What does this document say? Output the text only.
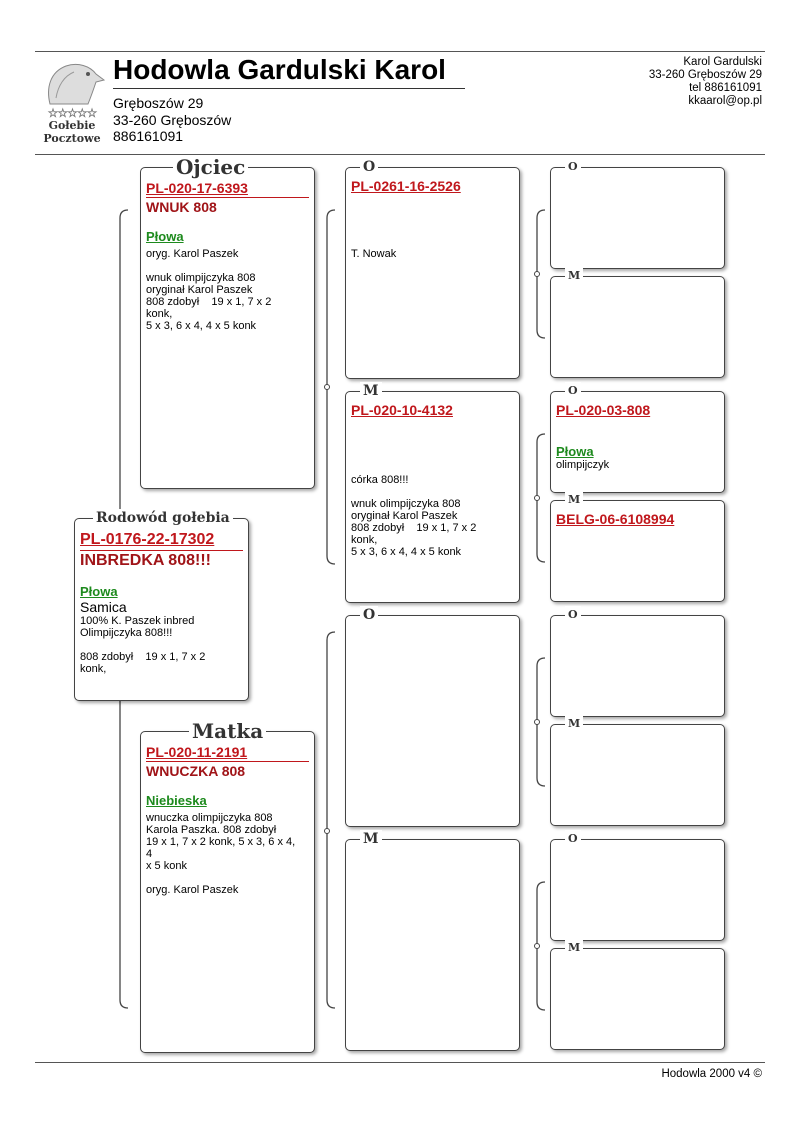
☆☆☆☆☆
Gołebie
Pocztowe
Hodowla Gardulski Karol
Gręboszów 29
33-260 Gręboszów
886161091
Karol Gardulski
33-260 Gręboszów 29
tel 886161091
kkaarol@op.pl
Ojciec
PL-020-17-6393
WNUK 808
Płowa
oryg. Karol Paszek

wnuk olimpijczyka 808
oryginał Karol Paszek
808 zdobył    19 x 1, 7 x 2
konk,
5 x 3, 6 x 4, 4 x 5 konk
Rodowód gołebia
PL-0176-22-17302
INBREDKA 808!!!
Płowa
Samica
100% K. Paszek inbred
Olimpijczyka 808!!!

808 zdobył    19 x 1, 7 x 2
konk,
Matka
PL-020-11-2191
WNUCZKA 808
Niebieska
wnuczka olimpijczyka 808
Karola Paszka. 808 zdobył
19 x 1, 7 x 2 konk, 5 x 3, 6 x 4,
4
x 5 konk

oryg. Karol Paszek
O
PL-0261-16-2526
T. Nowak
M
PL-020-10-4132
córka 808!!!

wnuk olimpijczyka 808
oryginał Karol Paszek
808 zdobył    19 x 1, 7 x 2
konk,
5 x 3, 6 x 4, 4 x 5 konk
O
M
O
M
O
PL-020-03-808
Płowa
olimpijczyk
M
BELG-06-6108994
O
M
O
M
Hodowla 2000 v4 ©
